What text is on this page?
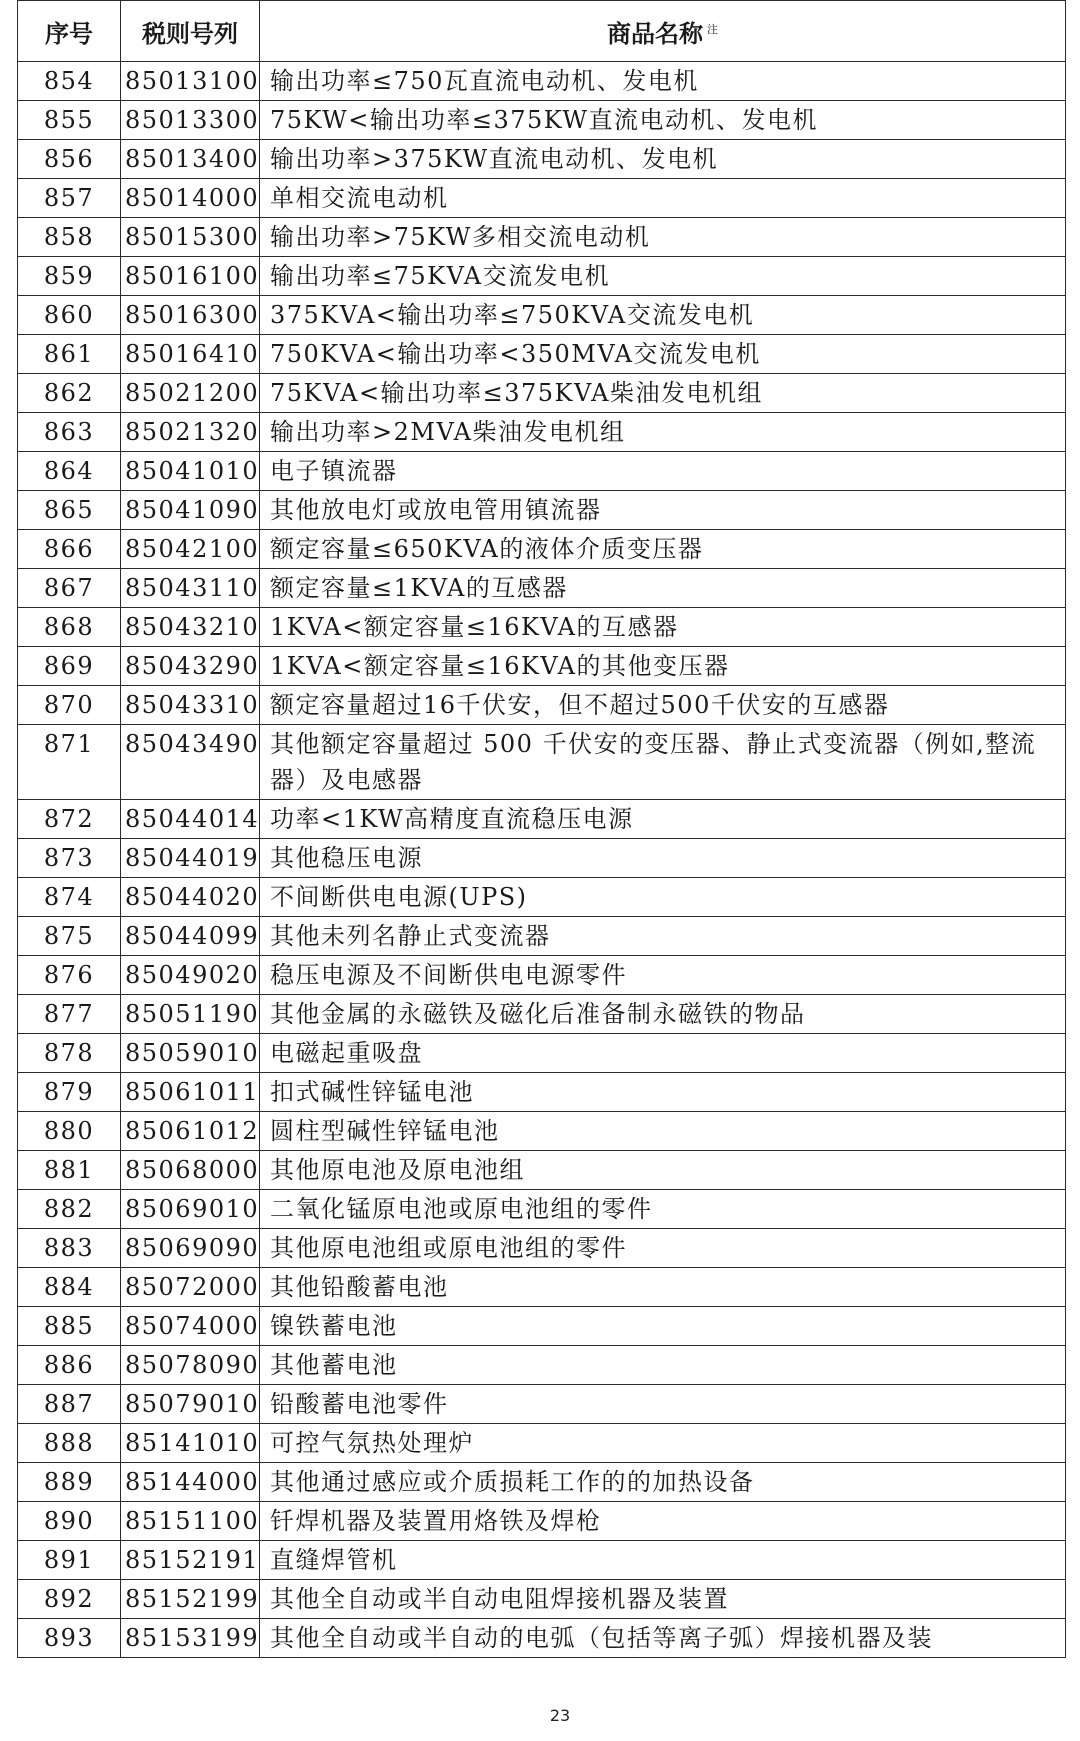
序号	税则号列	商品名称 $^注$
854	85013100	输出功率≤750瓦直流电动机、发电机
855	85013300	75KW<输出功率≤375KW直流电动机、发电机
856	85013400	输出功率>375KW直流电动机、发电机
857	85014000	单相交流电动机
858	85015300	输出功率>75KW多相交流电动机
859	85016100	输出功率≤75KVA交流发电机
860	85016300	375KVA<输出功率≤750KVA交流发电机
861	85016410	750KVA<输出功率<350MVA交流发电机
862	85021200	75KVA<输出功率≤375KVA柴油发电机组
863	85021320	输出功率>2MVA柴油发电机组
864	85041010	电子镇流器
865	85041090	其他放电灯或放电管用镇流器
866	85042100	额定容量≤650KVA的液体介质变压器
867	85043110	额定容量≤1KVA的互感器
868	85043210	1KVA<额定容量≤16KVA的互感器
869	85043290	1KVA<额定容量≤16KVA的其他变压器
870	85043310	额定容量超过16千伏安，但不超过500千伏安的互感器
871	85043490	其他额定容量超过 500 千伏安的变压器、静止式变流器（例如,整流器）及电感器
872	85044014	功率<1KW高精度直流稳压电源
873	85044019	其他稳压电源
874	85044020	不间断供电电源(UPS)
875	85044099	其他未列名静止式变流器
876	85049020	稳压电源及不间断供电电源零件
877	85051190	其他金属的永磁铁及磁化后准备制永磁铁的物品
878	85059010	电磁起重吸盘
879	85061011	扣式碱性锌锰电池
880	85061012	圆柱型碱性锌锰电池
881	85068000	其他原电池及原电池组
882	85069010	二氧化锰原电池或原电池组的零件
883	85069090	其他原电池组或原电池组的零件
884	85072000	其他铅酸蓄电池
885	85074000	镍铁蓄电池
886	85078090	其他蓄电池
887	85079010	铅酸蓄电池零件
888	85141010	可控气氛热处理炉
889	85144000	其他通过感应或介质损耗工作的的加热设备
890	85151100	钎焊机器及装置用烙铁及焊枪
891	85152191	直缝焊管机
892	85152199	其他全自动或半自动电阻焊接机器及装置
893	85153199	其他全自动或半自动的电弧（包括等离子弧）焊接机器及装
23
